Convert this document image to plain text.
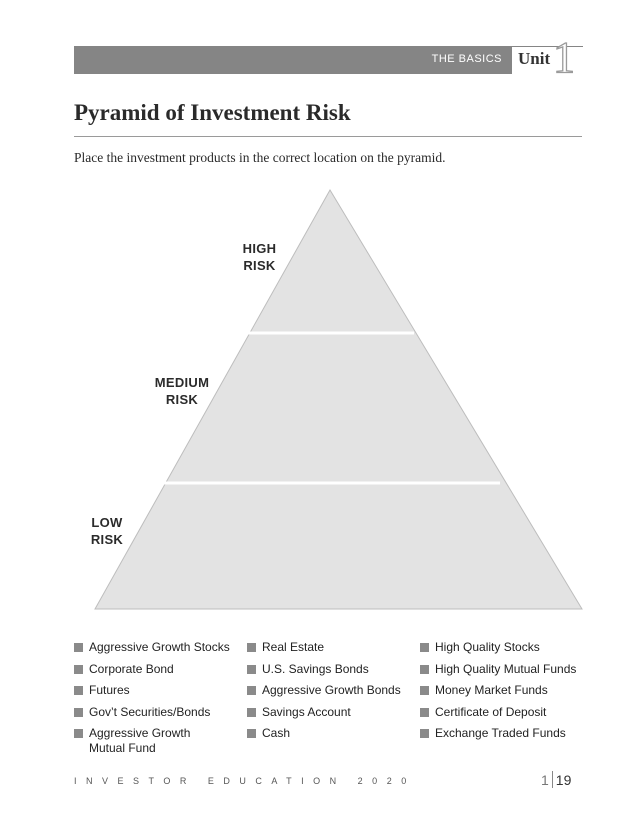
THE BASICS Unit 1
Pyramid of Investment Risk

Place the investment products in the correct location on the pyramid.

HIGH
RISK
MEDIUM
RISK
LOW
RISK
Aggressive Growth Stocks
Corporate Bond
Futures
Gov’t Securities/Bonds
Aggressive Growth Mutual Fund
Real Estate
U.S. Savings Bonds
Aggressive Growth Bonds
Savings Account
Cash
High Quality Stocks
High Quality Mutual Funds
Money Market Funds
Certificate of Deposit
Exchange Traded Funds
INVESTOR EDUCATION 2020	1 19
